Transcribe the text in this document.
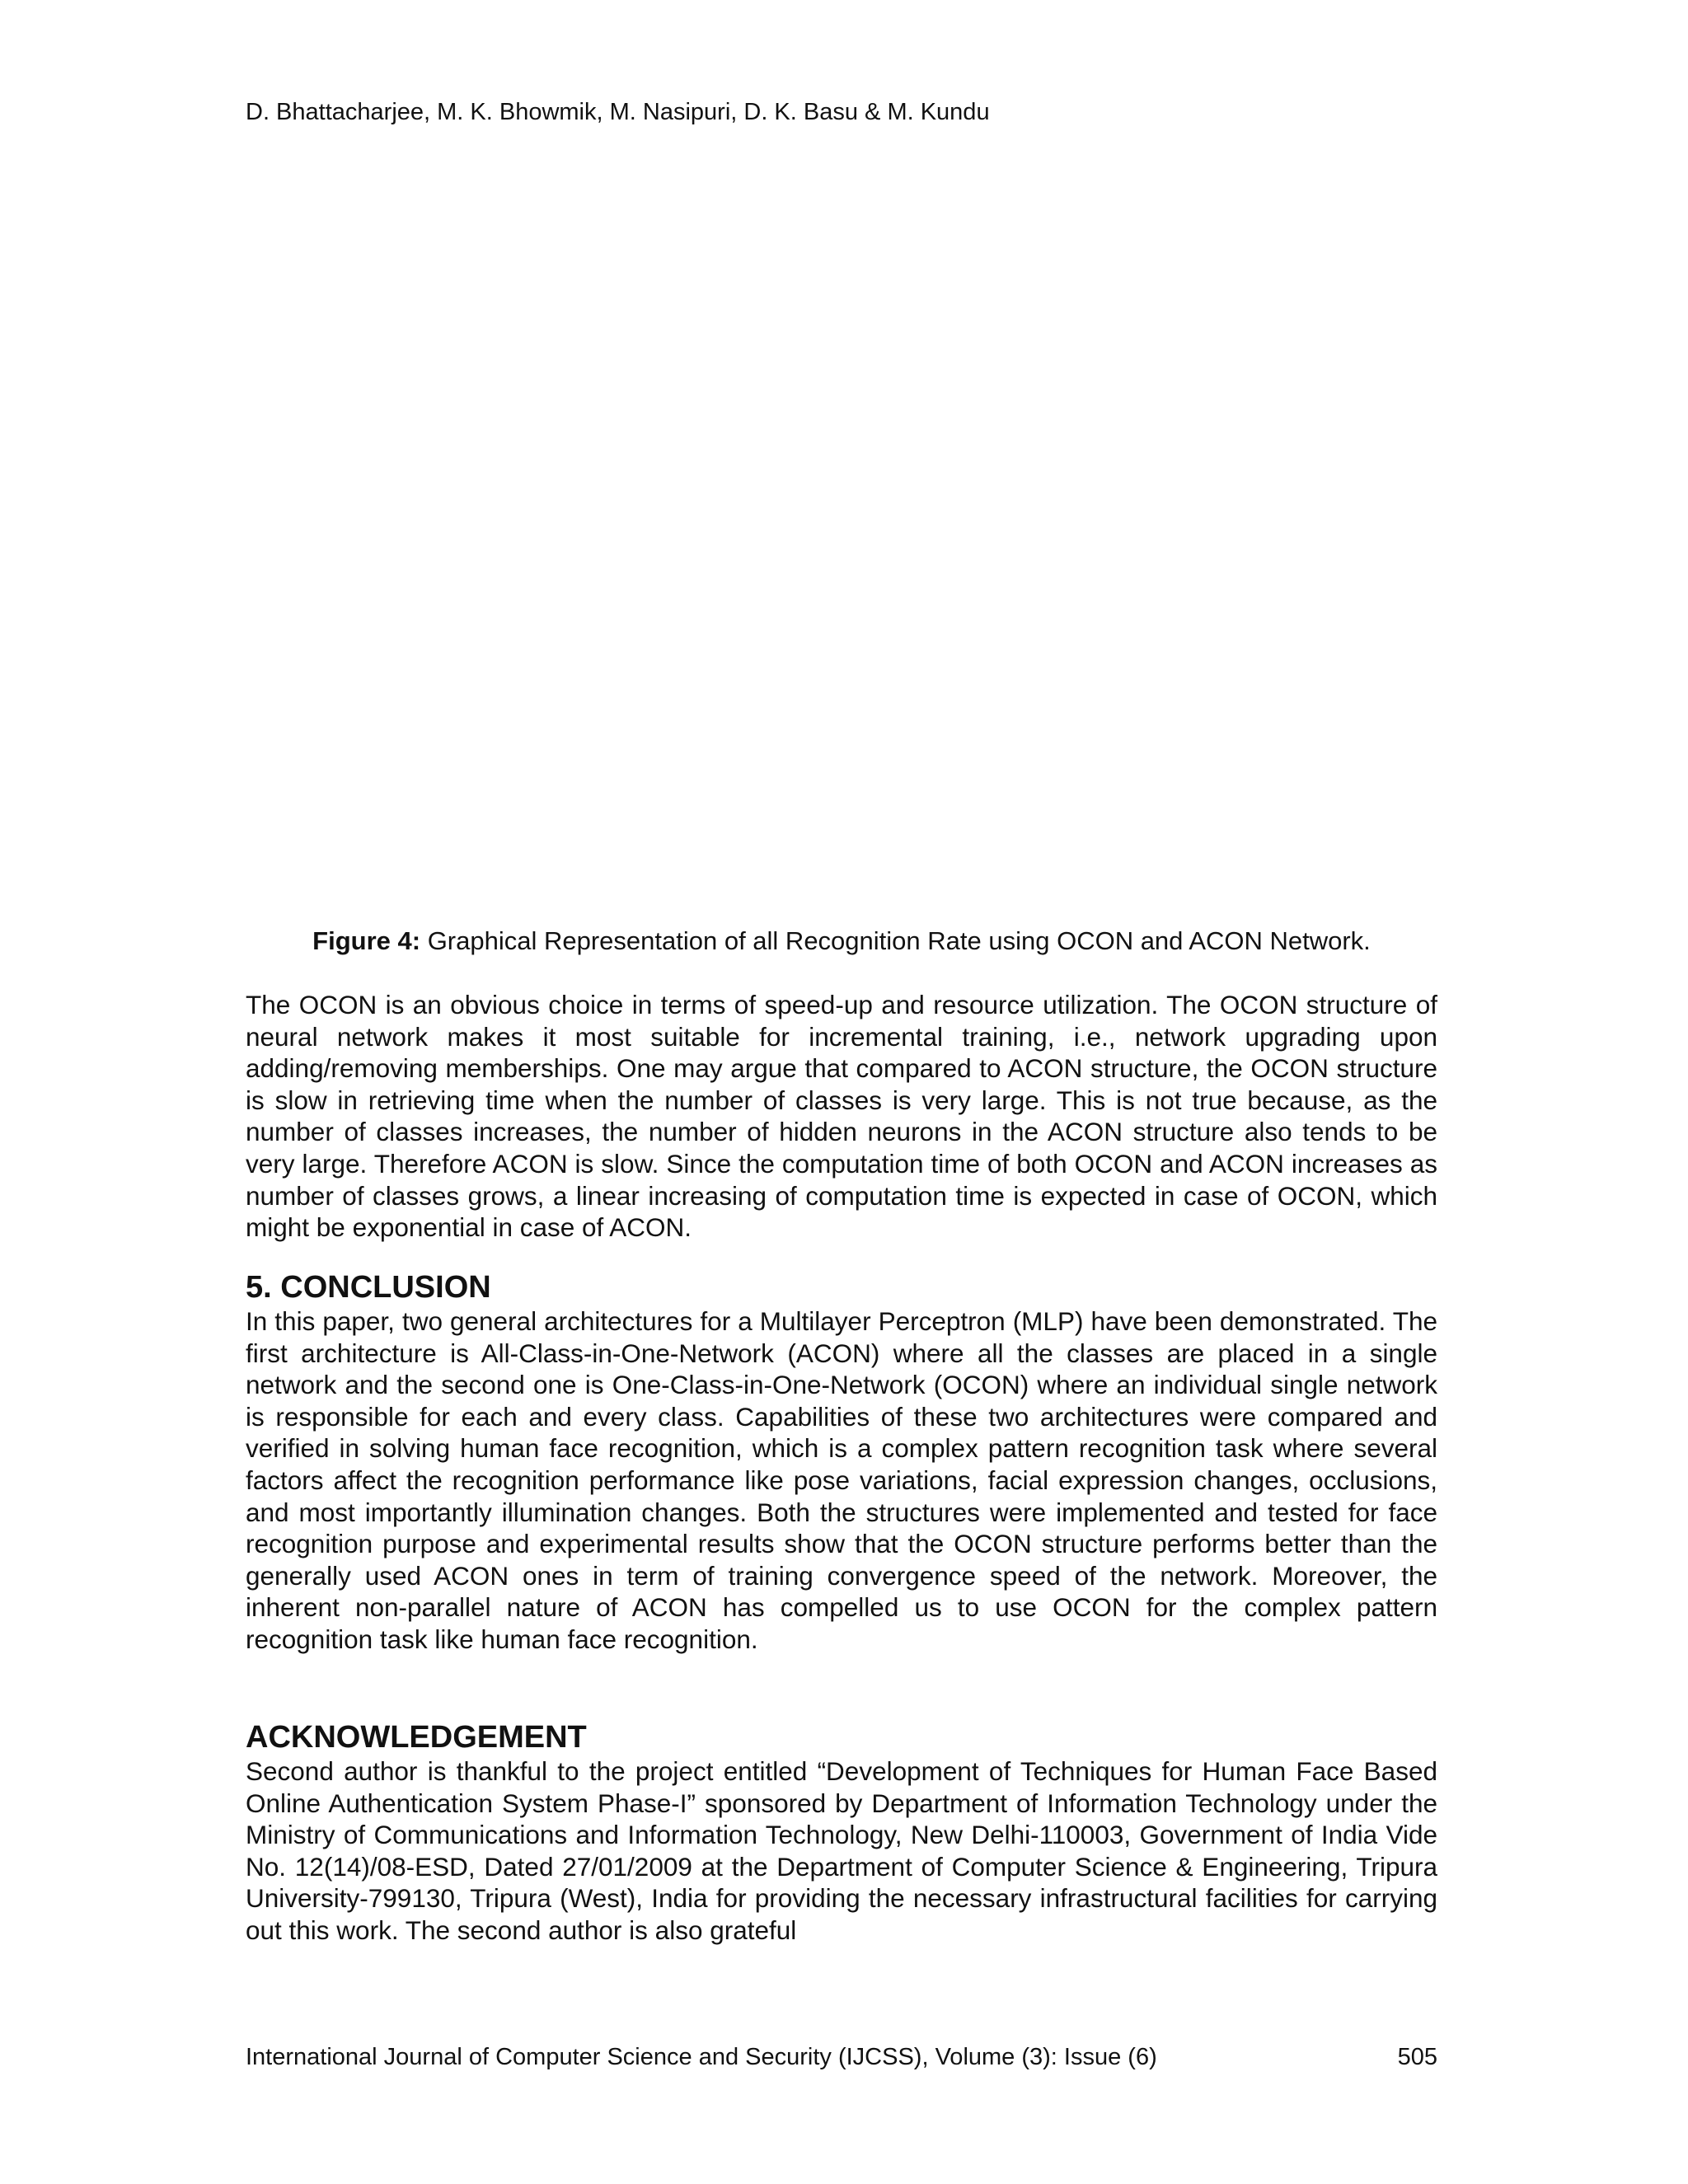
D. Bhattacharjee, M. K. Bhowmik, M. Nasipuri, D. K. Basu & M. Kundu
Figure 4: Graphical Representation of all Recognition Rate using OCON and ACON Network.

The OCON is an obvious choice in terms of speed-up and resource utilization. The OCON structure of neural network makes it most suitable for incremental training, i.e., network upgrading upon adding/removing memberships. One may argue that compared to ACON structure, the OCON structure is slow in retrieving time when the number of classes is very large. This is not true because, as the number of classes increases, the number of hidden neurons in the ACON structure also tends to be very large. Therefore ACON is slow. Since the computation time of both OCON and ACON increases as number of classes grows, a linear increasing of computation time is expected in case of OCON, which might be exponential in case of ACON.

5. CONCLUSION

In this paper, two general architectures for a Multilayer Perceptron (MLP) have been demonstrated. The first architecture is All-Class-in-One-Network (ACON) where all the classes are placed in a single network and the second one is One-Class-in-One-Network (OCON) where an individual single network is responsible for each and every class. Capabilities of these two architectures were compared and verified in solving human face recognition, which is a complex pattern recognition task where several factors affect the recognition performance like pose variations, facial expression changes, occlusions, and most importantly illumination changes. Both the structures were implemented and tested for face recognition purpose and experimental results show that the OCON structure performs better than the generally used ACON ones in term of training convergence speed of the network. Moreover, the inherent non-parallel nature of ACON has compelled us to use OCON for the complex pattern recognition task like human face recognition.

ACKNOWLEDGEMENT

Second author is thankful to the project entitled “Development of Techniques for Human Face Based Online Authentication System Phase-I” sponsored by Department of Information Technology under the Ministry of Communications and Information Technology, New Delhi-110003, Government of India Vide No. 12(14)/08-ESD, Dated 27/01/2009 at the Department of Computer Science & Engineering, Tripura University-799130, Tripura (West), India for providing the necessary infrastructural facilities for carrying out this work. The second author is also grateful

International Journal of Computer Science and Security (IJCSS), Volume (3): Issue (6)	505
